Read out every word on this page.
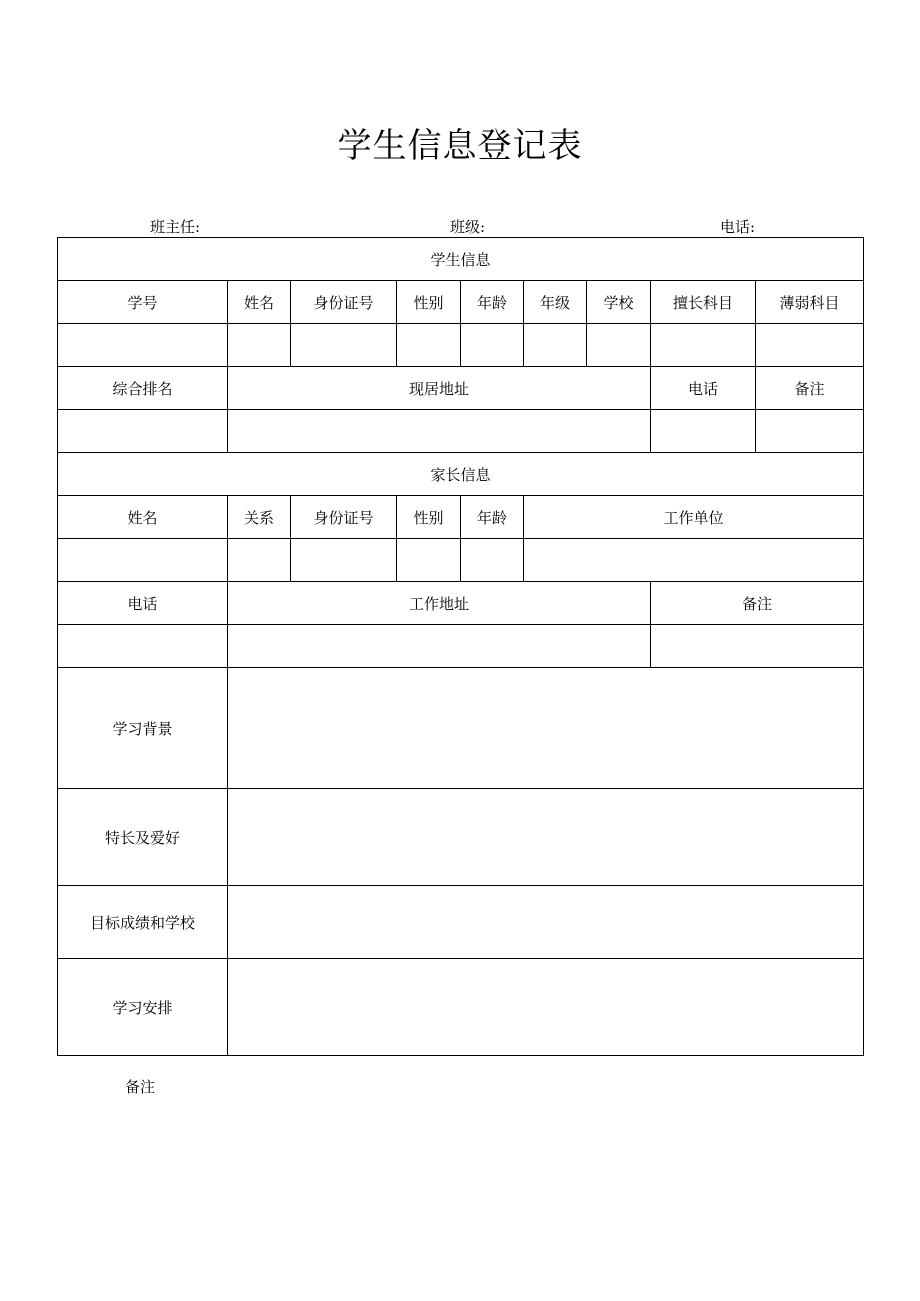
学生信息登记表
班主任:	班级:	电话:
学生信息								
学号	姓名	身份证号	性别	年龄	年级	学校	擅长科目	薄弱科目

综合排名	现居地址						电话	备注

家长信息								
姓名	关系	身份证号	性别	年龄	工作单位			

电话	工作地址						备注	

学习背景								
特长及爱好								
目标成绩和学校								
学习安排								
备注
